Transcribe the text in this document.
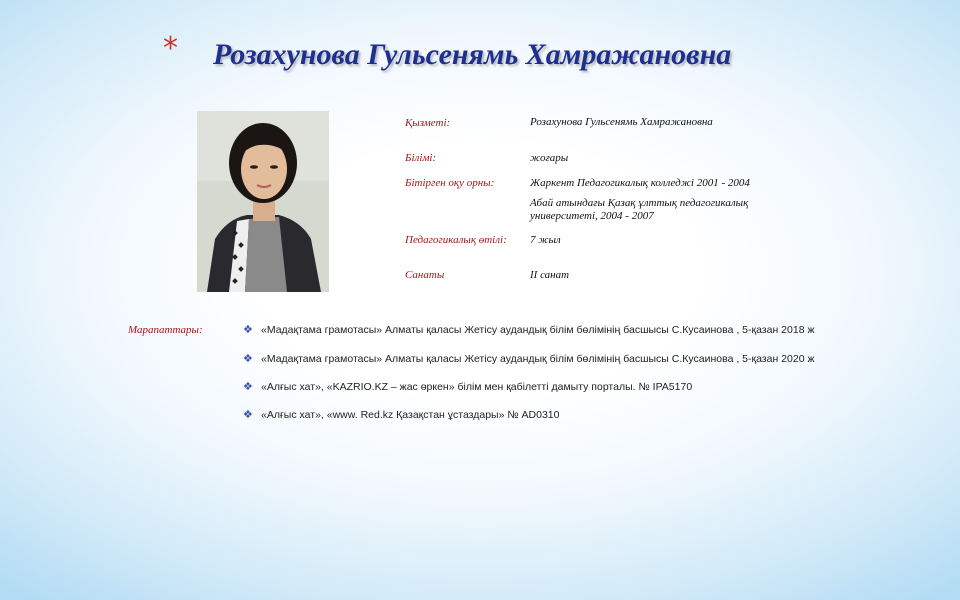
* Розахунова Гульсенямь Хамражановна
Қызметі:	Розахунова Гульсенямь Хамражановна
Білімі:	жоғары
Бітірген оқу орны:	Жаркент Педагогикалық колледжі 2001 - 2004
Абай атындағы Қазақ ұлттық педагогикалық университеті, 2004 - 2007
Педагогикалық өтілі: 7 жыл
Санаты	ІІ санат
Марапаттары:	❖ «Мадақтама грамотасы» Алматы қаласы Жетісу аудандық білім бөлімінің басшысы С.Кусаинова , 5-қазан 2018 ж
❖ «Мадақтама грамотасы» Алматы қаласы Жетісу аудандық білім бөлімінің басшысы С.Кусаинова , 5-қазан 2020 ж
❖ «Алғыс хат», «KAZRIO.KZ – жас өркен» білім мен қабілетті дамыту порталы. № IPA5170
❖ «Алғыс хат», «www. Red.kz Қазақстан ұстаздары» № AD0310
